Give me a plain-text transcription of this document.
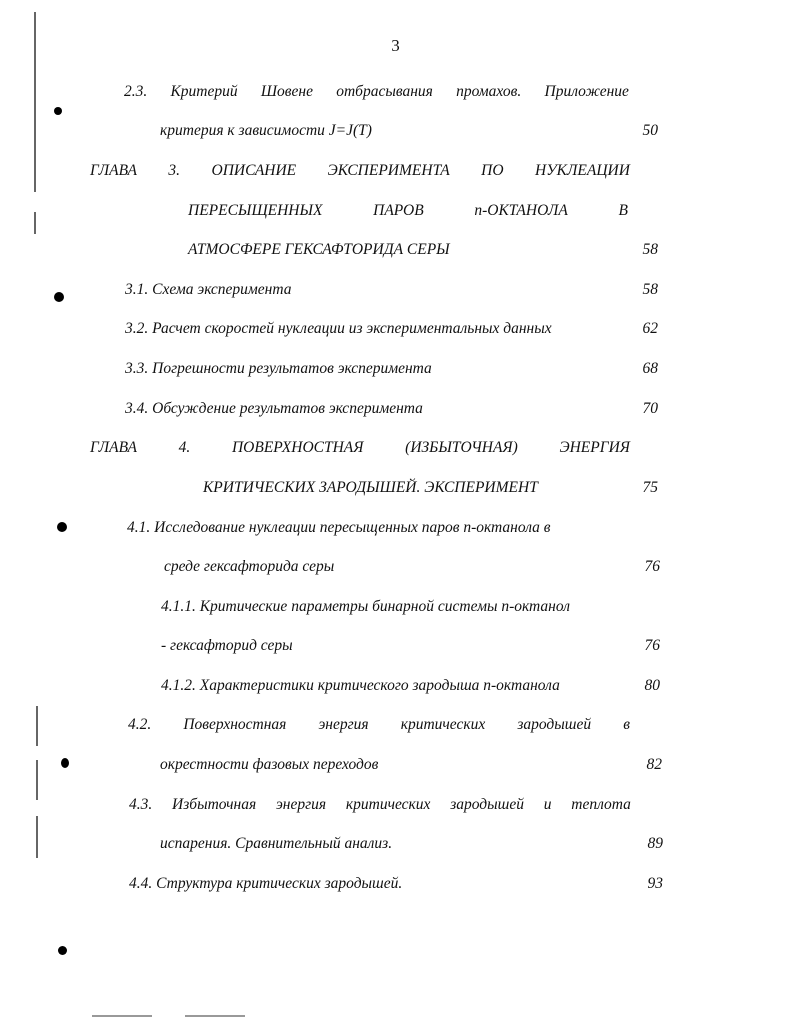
3
2.3. Критерий Шовене отбрасывания промахов. Приложение
критерия к зависимости J=J(T)	50
ГЛАВА 3. ОПИСАНИЕ ЭКСПЕРИМЕНТА ПО НУКЛЕАЦИИ
ПЕРЕСЫЩЕННЫХ	ПАРОВ	n-ОКТАНОЛА	В
АТМОСФЕРЕ ГЕКСАФТОРИДА СЕРЫ	58
3.1. Схема эксперимента	58
3.2. Расчет скоростей нуклеации из экспериментальных данных	62
3.3. Погрешности результатов эксперимента	68
3.4. Обсуждение результатов эксперимента	70
ГЛАВА	4.	ПОВЕРХНОСТНАЯ	(ИЗБЫТОЧНАЯ)	ЭНЕРГИЯ
КРИТИЧЕСКИХ ЗАРОДЫШЕЙ. ЭКСПЕРИМЕНТ	75
4.1. Исследование нуклеации пересыщенных паров n-октанола в
среде гексафторида серы	76
4.1.1. Критические параметры бинарной системы n-октанол
- гексафторид серы	76
4.1.2. Характеристики критического зародыша n-октанола	80
4.2. Поверхностная энергия критических зародышей в
окрестности фазовых переходов	82
4.3. Избыточная энергия критических зародышей и теплота
испарения. Сравнительный анализ.	89
4.4. Структура критических зародышей.	93
